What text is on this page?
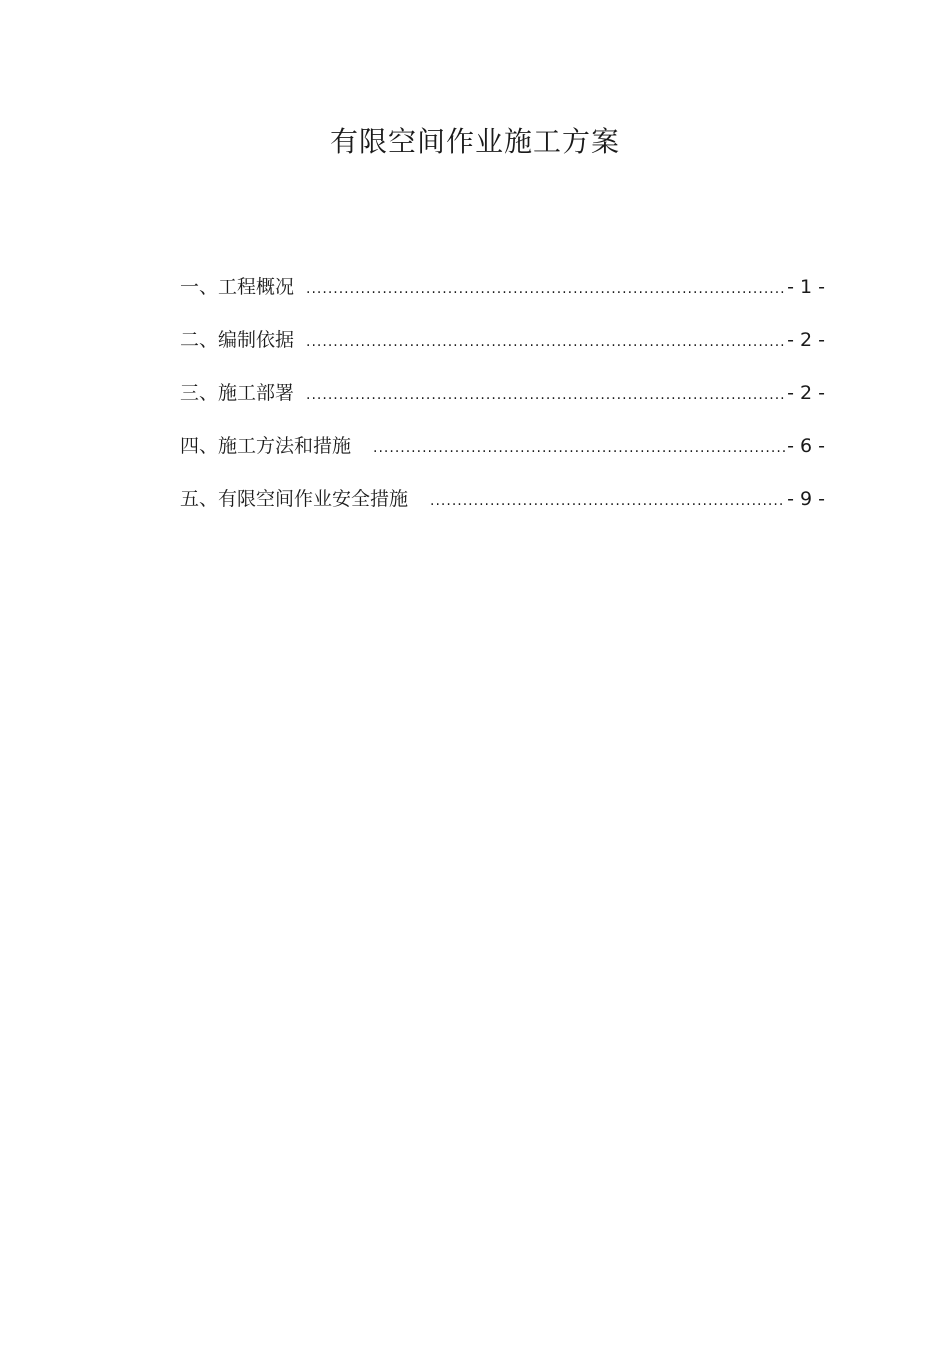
有限空间作业施工方案
一、工程概况 .....	- 1 -
二、编制依据 .....	- 2 -
三、施工部署 .....	- 2 -
四、施工方法和措施 .....	- 6 -
五、有限空间作业安全措施 .....	- 9 -
